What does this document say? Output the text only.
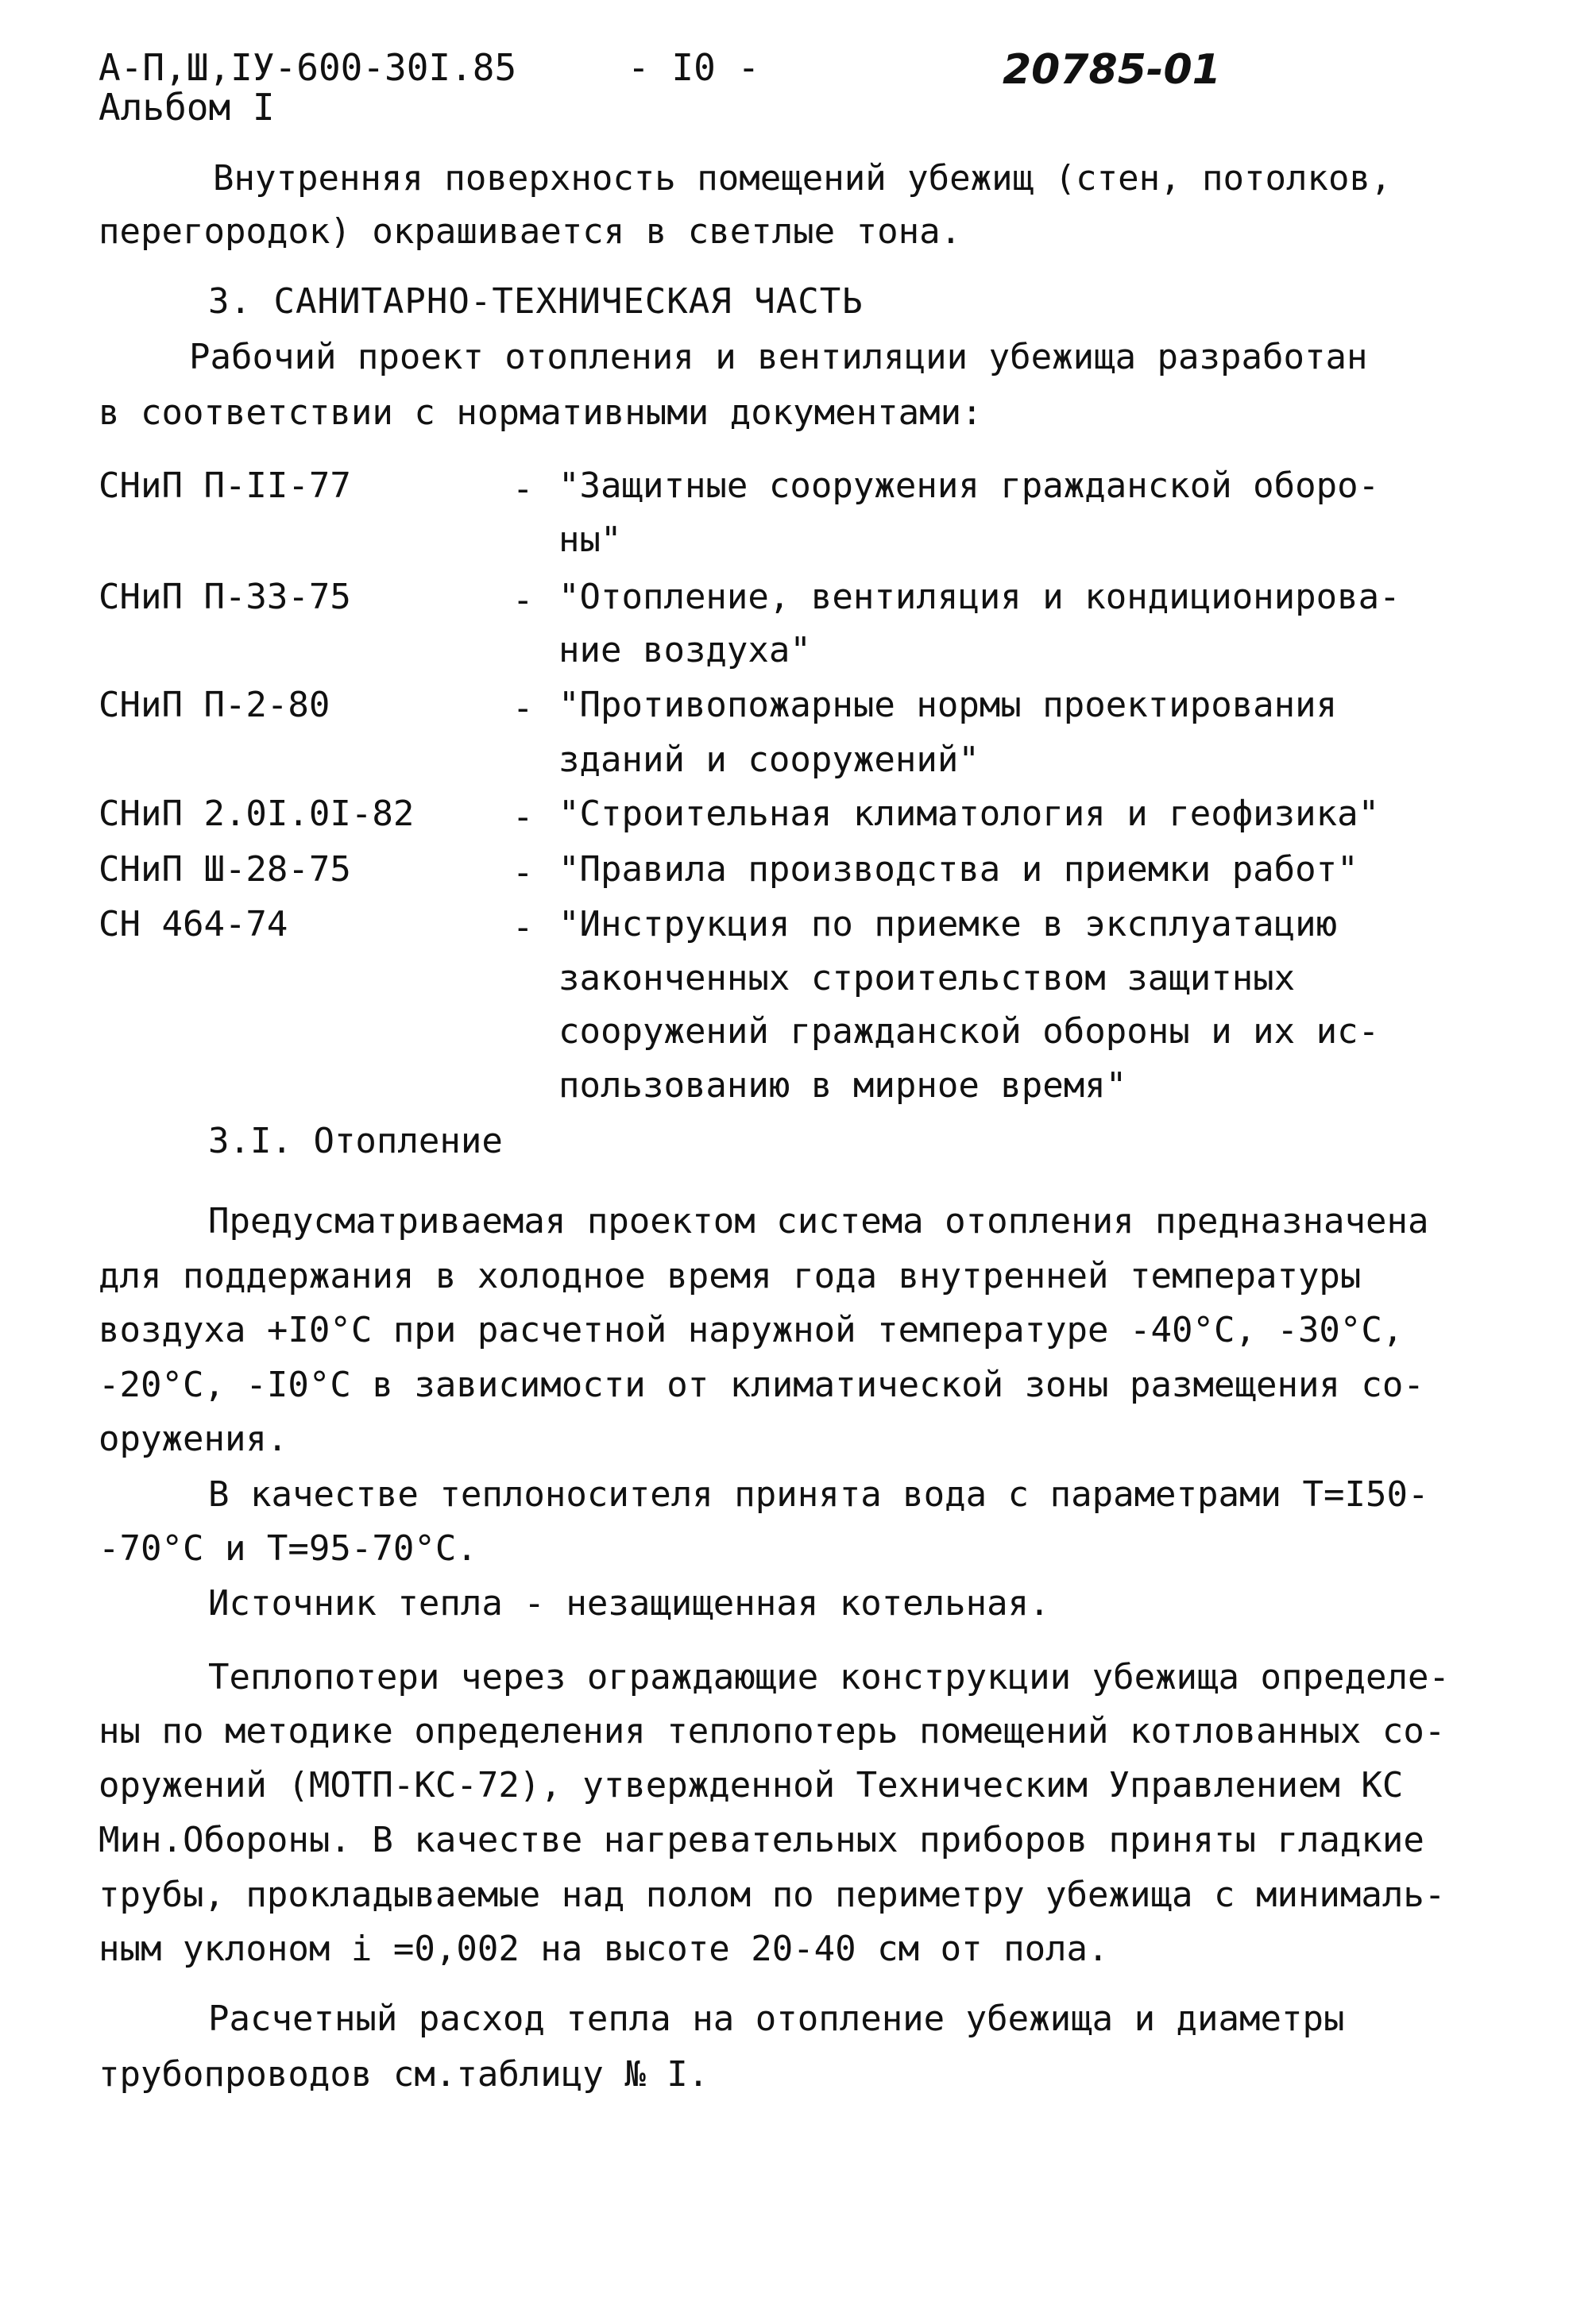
А-П,Ш,IУ-600-30I.85
Альбом I
- I0 -	20785-01
Внутренняя поверхность помещений убежищ (стен, потолков,
перегородок) окрашивается в светлые тона.
3. САНИТАРНО-ТЕХНИЧЕСКАЯ ЧАСТЬ
Рабочий проект отопления и вентиляции убежища разработан
в соответствии с нормативными документами:
СНиП П-II-77	- "Защитные сооружения гражданской оборо-
ны"
СНиП П-33-75	- "Отопление, вентиляция и кондиционирова-
ние воздуха"
СНиП П-2-80	- "Противопожарные нормы проектирования
зданий и сооружений"
СНиП 2.0I.0I-82	- "Строительная климатология и геофизика"
СНиП Ш-28-75	- "Правила производства и приемки работ"
СН 464-74	- "Инструкция по приемке в эксплуатацию
законченных строительством защитных
сооружений гражданской обороны и их ис-
пользованию в мирное время"
3.I. Отопление
Предусматриваемая проектом система отопления предназначена
для поддержания в холодное время года внутренней температуры
воздуха +I0°С при расчетной наружной температуре -40°С, -30°С,
-20°С, -I0°С в зависимости от климатической зоны размещения со-
оружения.
В качестве теплоносителя принята вода с параметрами Т=I50-
-70°С и Т=95-70°С.
Источник тепла - незащищенная котельная.
Теплопотери через ограждающие конструкции убежища определе-
ны по методике определения теплопотерь помещений котлованных со-
оружений (МОТП-КС-72), утвержденной Техническим Управлением КС
Мин.Обороны. В качестве нагревательных приборов приняты гладкие
трубы, прокладываемые над полом по периметру убежища с минималь-
ным уклоном i =0,002 на высоте 20-40 см от пола.
Расчетный расход тепла на отопление убежища и диаметры
трубопроводов см.таблицу № I.
